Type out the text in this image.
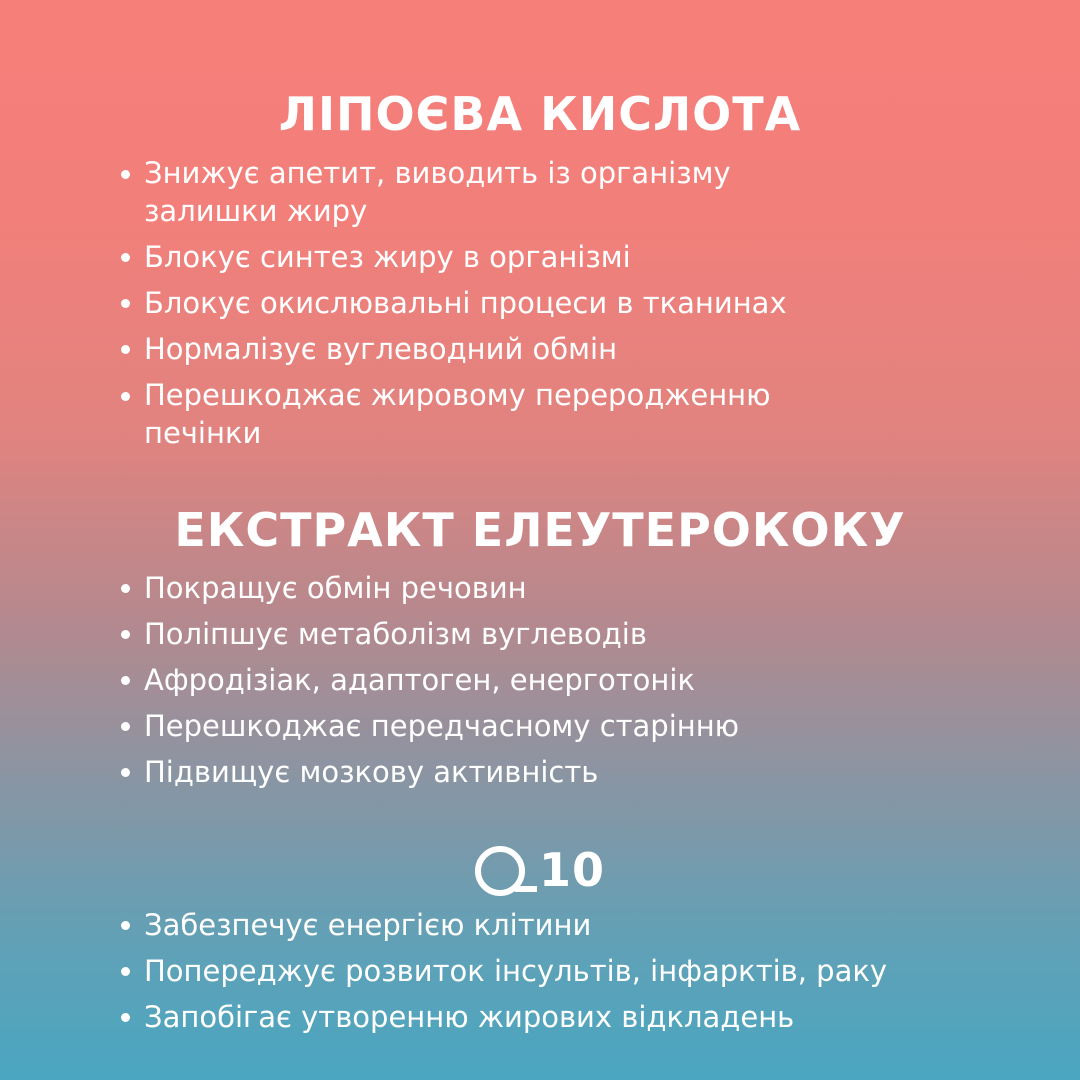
ЛІПОЄВА КИСЛОТА
Знижує апетит, виводить із організму
залишки жиру
Блокує синтез жиру в організмі
Блокує окислювальні процеси в тканинах
Нормалізує вуглеводний обмін
Перешкоджає жировому переродженню
печінки
ЕКСТРАКТ ЕЛЕУТЕРОКОКУ
Покращує обмін речовин
Поліпшує метаболізм вуглеводів
Афродізіак, адаптоген, енерготонік
Перешкоджає передчасному старінню
Підвищує мозкову активність
10
Забезпечує енергією клітини
Попереджує розвиток інсультів, інфарктів, раку
Запобігає утворенню жирових відкладень
